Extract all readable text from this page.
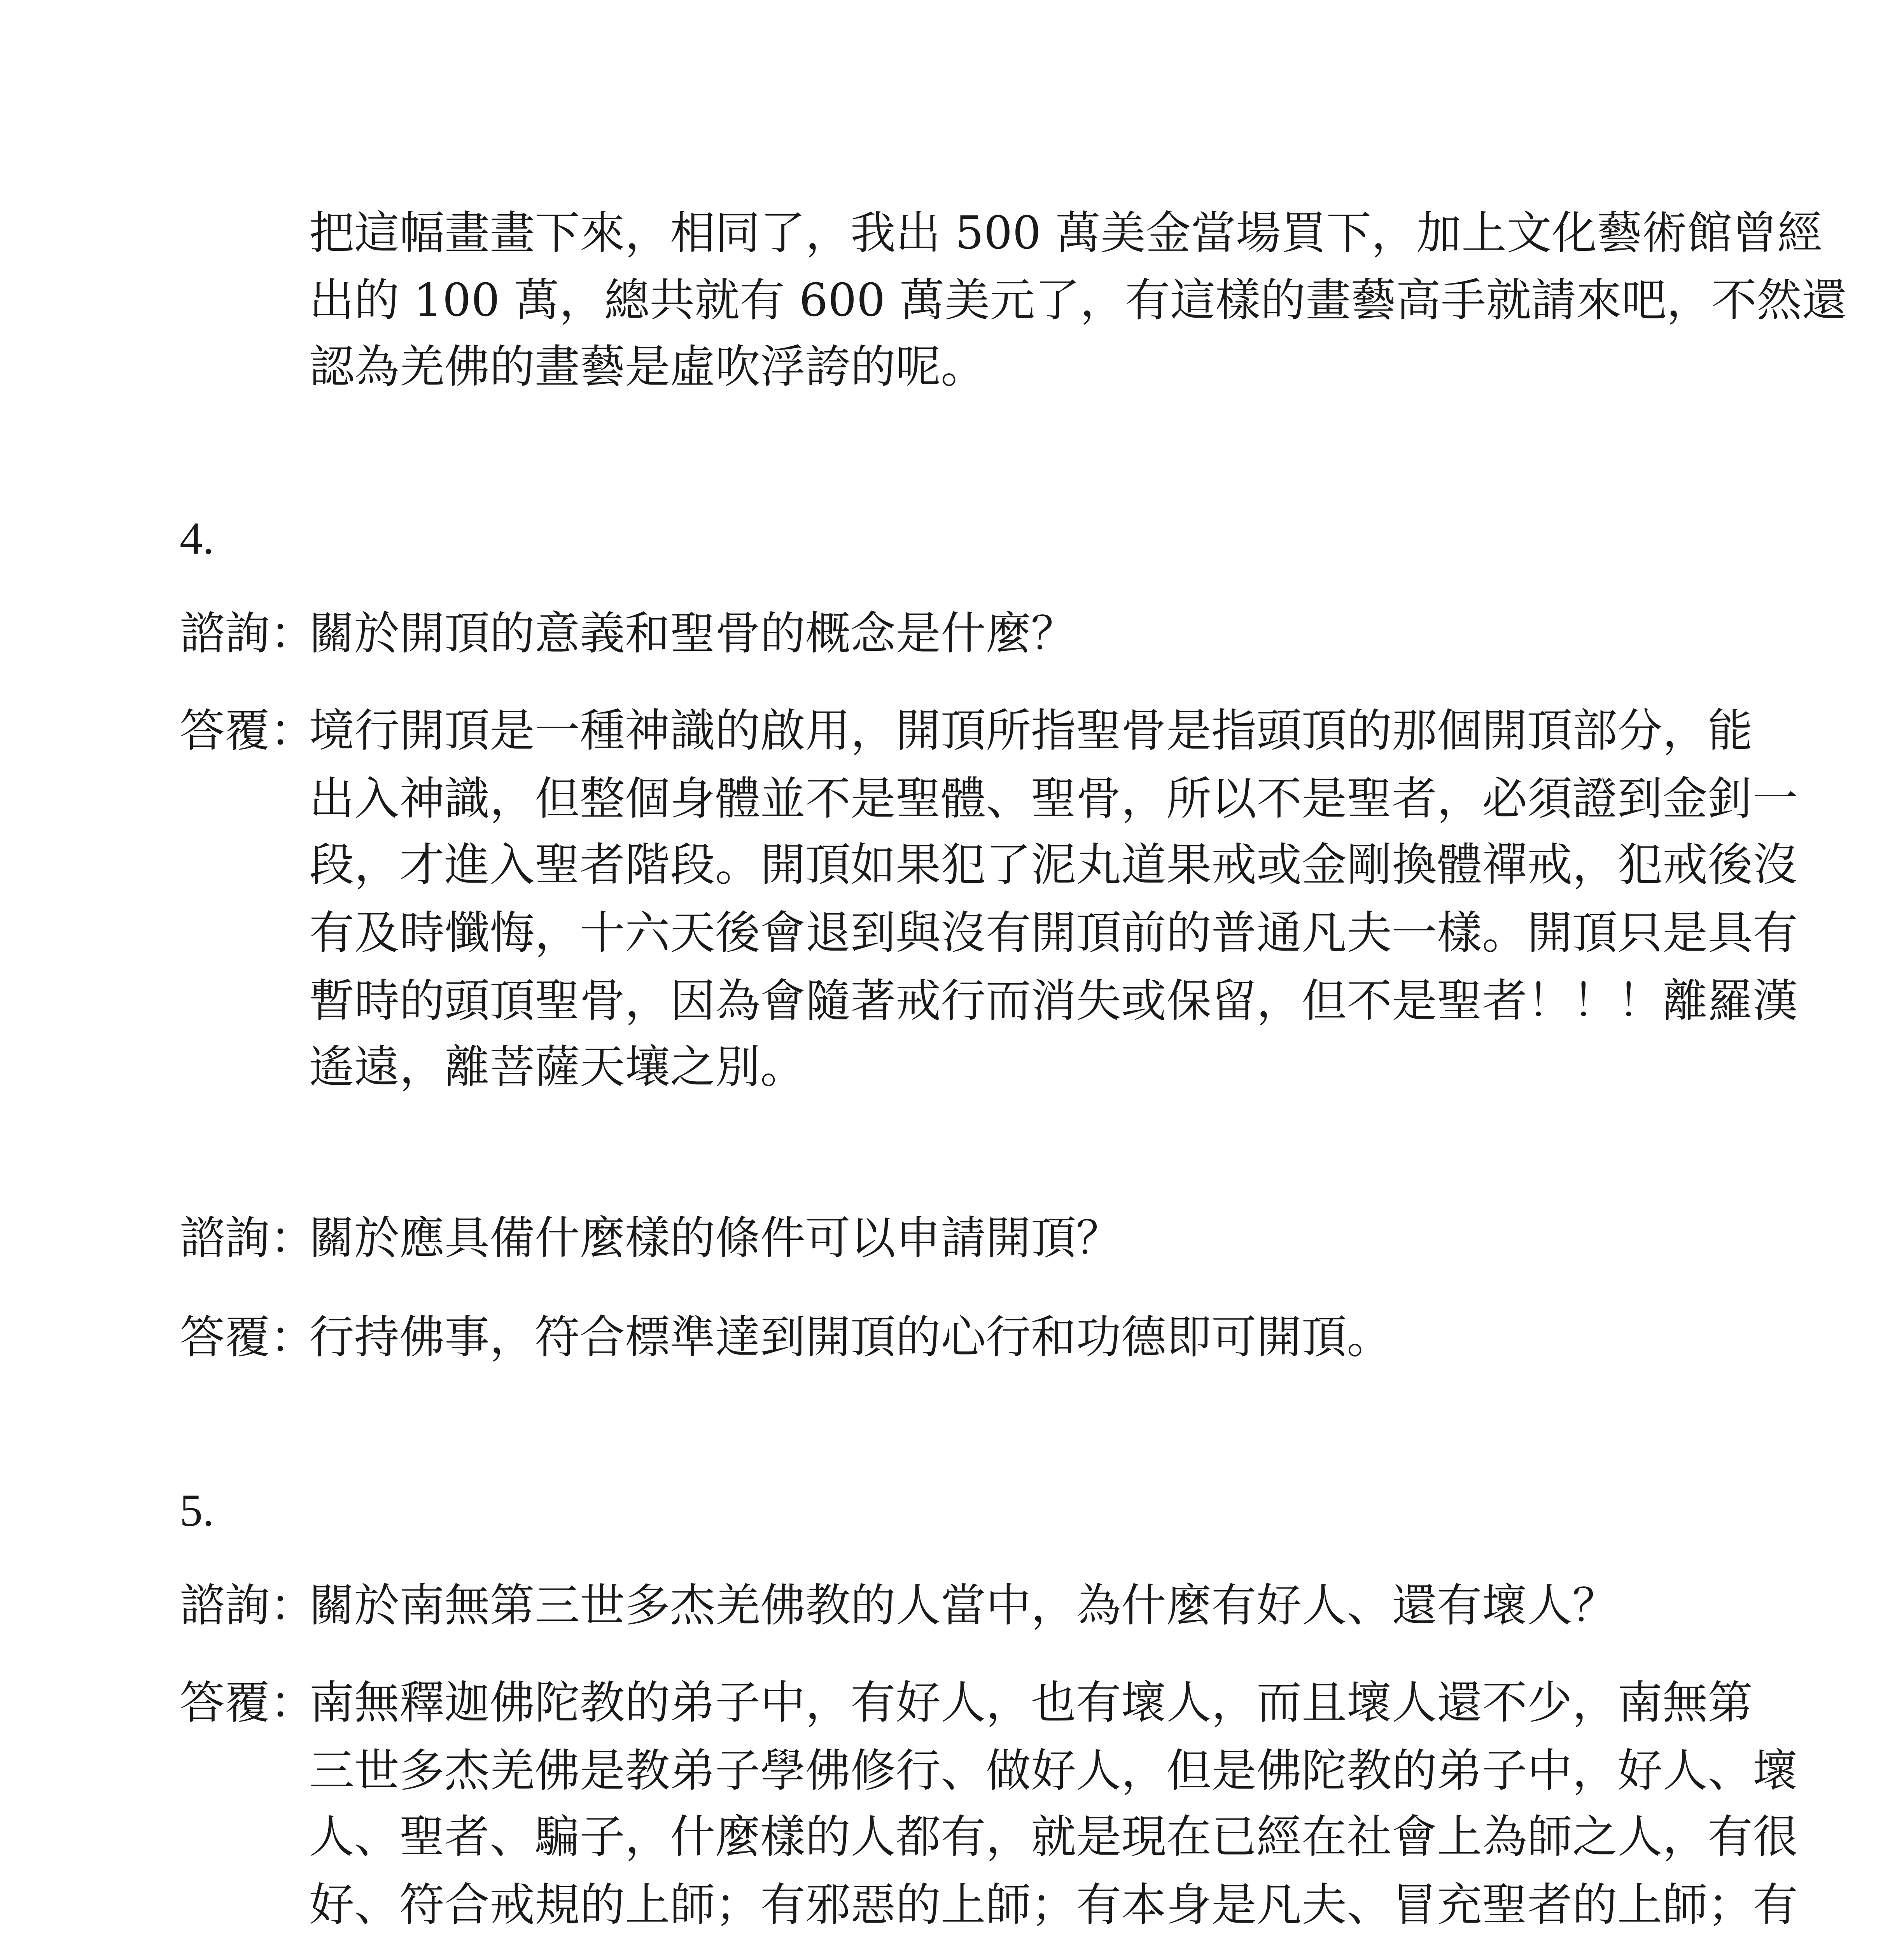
把這幅畫畫下來，相同了，我出 500 萬美金當場買下，加上文化藝術館曾經
出的 100 萬，總共就有 600 萬美元了，有這樣的畫藝高手就請來吧，不然還
認為羌佛的畫藝是虛吹浮誇的呢。
4.
諮詢：關於開頂的意義和聖骨的概念是什麼？
答覆：境行開頂是一種神識的啟用，開頂所指聖骨是指頭頂的那個開頂部分，能
出入神識，但整個身體並不是聖體、聖骨，所以不是聖者，必須證到金釗一
段，才進入聖者階段。開頂如果犯了泥丸道果戒或金剛換體禪戒，犯戒後沒
有及時懺悔，十六天後會退到與沒有開頂前的普通凡夫一樣。開頂只是具有
暫時的頭頂聖骨，因為會隨著戒行而消失或保留，但不是聖者！！！離羅漢
遙遠，離菩薩天壤之別。
諮詢：關於應具備什麼樣的條件可以申請開頂？
答覆：行持佛事，符合標準達到開頂的心行和功德即可開頂。
5.
諮詢：關於南無第三世多杰羌佛教的人當中，為什麼有好人、還有壞人？
答覆：南無釋迦佛陀教的弟子中，有好人，也有壞人，而且壞人還不少，南無第
三世多杰羌佛是教弟子學佛修行、做好人，但是佛陀教的弟子中，好人、壞
人、聖者、騙子，什麼樣的人都有，就是現在已經在社會上為師之人，有很
好、符合戒規的上師；有邪惡的上師；有本身是凡夫、冒充聖者的上師；有
